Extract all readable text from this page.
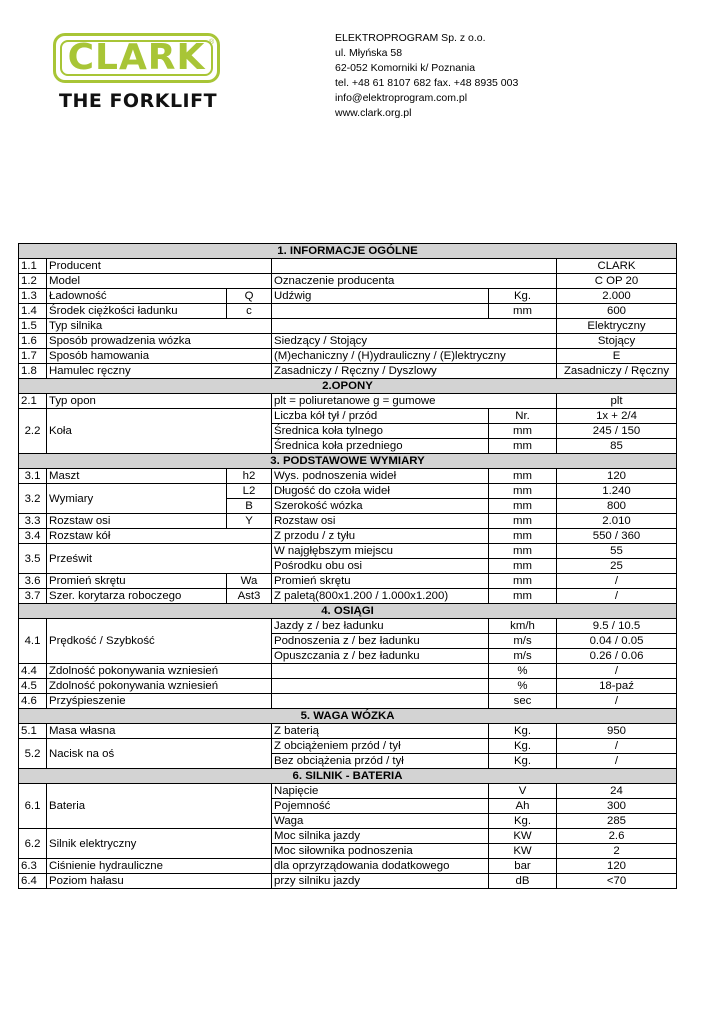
CLARK ®
THE FORKLIFT
ELEKTROPROGRAM Sp. z o.o.
ul. Młyńska 58
62-052 Komorniki k/ Poznania
tel. +48 61 8107 682 fax. +48 8935 003
info@elektroprogram.com.pl
www.clark.org.pl
1. INFORMACJE OGÓLNE					
1.1	Producent				CLARK
1.2	Model		Oznaczenie producenta		C OP 20
1.3	Ładowność	Q	Udźwig	Kg.	2.000
1.4	Środek ciężkości ładunku	c		mm	600
1.5	Typ silnika				Elektryczny
1.6	Sposób prowadzenia wózka		Siedzący / Stojący		Stojący
1.7	Sposób hamowania		(M)echaniczny / (H)ydrauliczny / (E)lektryczny		E
1.8	Hamulec ręczny		Zasadniczy / Ręczny / Dyszlowy		Zasadniczy / Ręczny
2.OPONY					
2.1	Typ opon		plt = poliuretanowe g = gumowe		plt
2.2	Koła		Liczba kół tył / przód	Nr.	1x + 2/4
			Średnica koła tylnego	mm	245 / 150
			Średnica koła przedniego	mm	85
3. PODSTAWOWE WYMIARY					
3.1	Maszt	h2	Wys. podnoszenia wideł	mm	120
3.2	Wymiary	L2	Długość do czoła wideł	mm	1.240
		B	Szerokość wózka	mm	800
3.3	Rozstaw osi	Y	Rozstaw osi	mm	2.010
3.4	Rozstaw kół		Z przodu / z tyłu	mm	550 / 360
3.5	Prześwit		W najgłębszym miejscu	mm	55
			Pośrodku obu osi	mm	25
3.6	Promień skrętu	Wa	Promień skrętu	mm	/
3.7	Szer. korytarza roboczego	Ast3	Z paletą(800x1.200 / 1.000x1.200)	mm	/
4. OSIĄGI					
4.1	Prędkość / Szybkość		Jazdy z / bez ładunku	km/h	9.5 / 10.5
			Podnoszenia z / bez ładunku	m/s	0.04 / 0.05
			Opuszczania z / bez ładunku	m/s	0.26 / 0.06
4.4	Zdolność pokonywania wzniesień			%	/
4.5	Zdolność pokonywania wzniesień			%	18-paź
4.6	Przyśpieszenie			sec	/
5. WAGA WÓZKA					
5.1	Masa własna		Z baterią	Kg.	950
5.2	Nacisk na oś		Z obciążeniem przód / tył	Kg.	/
			Bez obciążenia przód / tył	Kg.	/
6. SILNIK - BATERIA					
6.1	Bateria		Napięcie	V	24
			Pojemność	Ah	300
			Waga	Kg.	285
6.2	Silnik elektryczny		Moc silnika jazdy	KW	2.6
			Moc siłownika podnoszenia	KW	2
6.3	Ciśnienie hydrauliczne		dla oprzyrządowania dodatkowego	bar	120
6.4	Poziom hałasu		przy silniku jazdy	dB	<70
